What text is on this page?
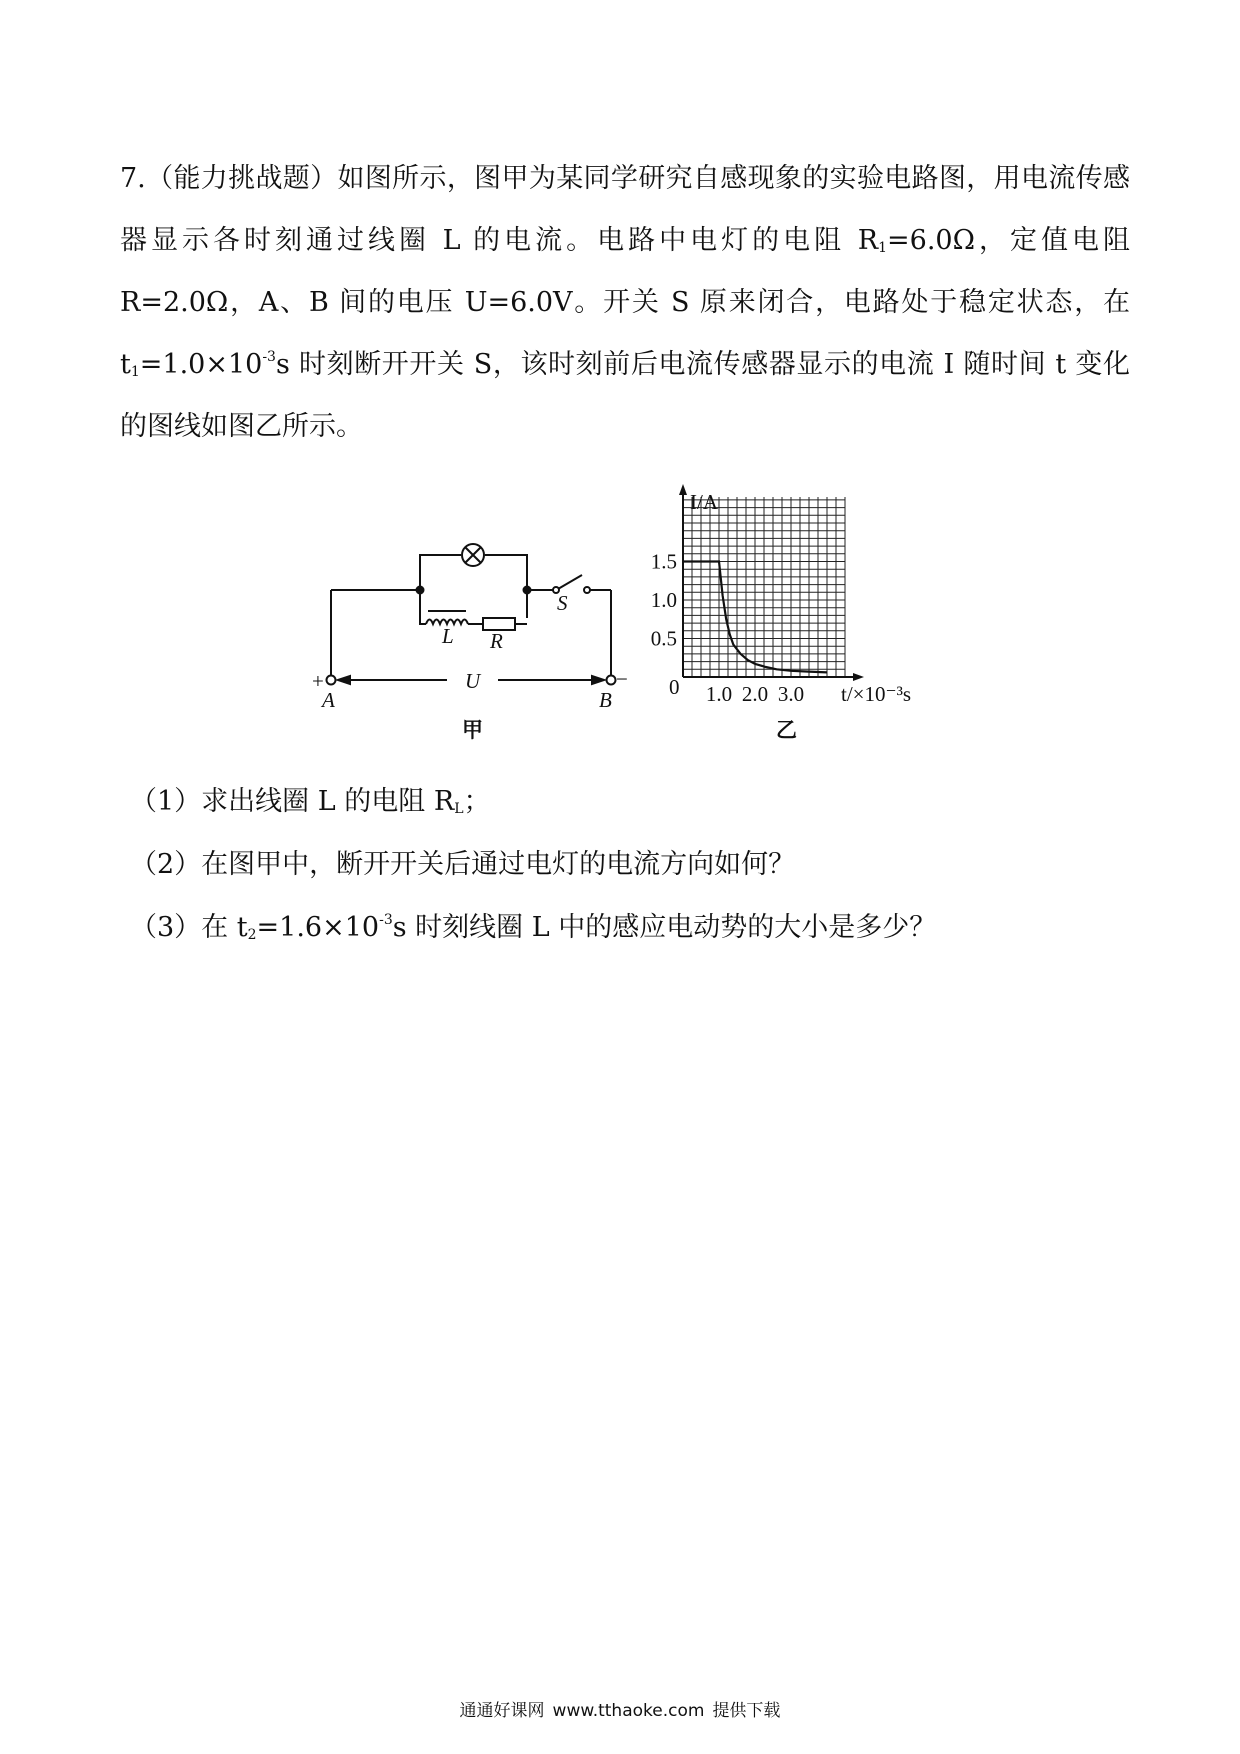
7.（能力挑战题）如图所示，图甲为某同学研究自感现象的实验电路图，用电流传感器显示各时刻通过线圈 L 的电流。电路中电灯的电阻 $R_1=6.0\Omega$，定值电阻 R=2.0Ω，A、B 间的电压 U=6.0V。开关 S 原来闭合，电路处于稳定状态，在 $t_1=1.0\times 10^{-3}s$ 时刻断开开关 S，该时刻前后电流传感器显示的电流 I 随时间 t 变化的图线如图乙所示。
L R
S
U
+	−
A	B
甲
1.0 2.0 3.0
0.5
1.0
1.5
I/A
t/×10⁻³s
0
乙
（1）求出线圈 L 的电阻 $R_L$；
（2）在图甲中，断开开关后通过电灯的电流方向如何？
（3）在 $t_2=1.6\times 10^{-3}s$ 时刻线圈 L 中的感应电动势的大小是多少？
通通好课网 www.tthaoke.com 提供下载
